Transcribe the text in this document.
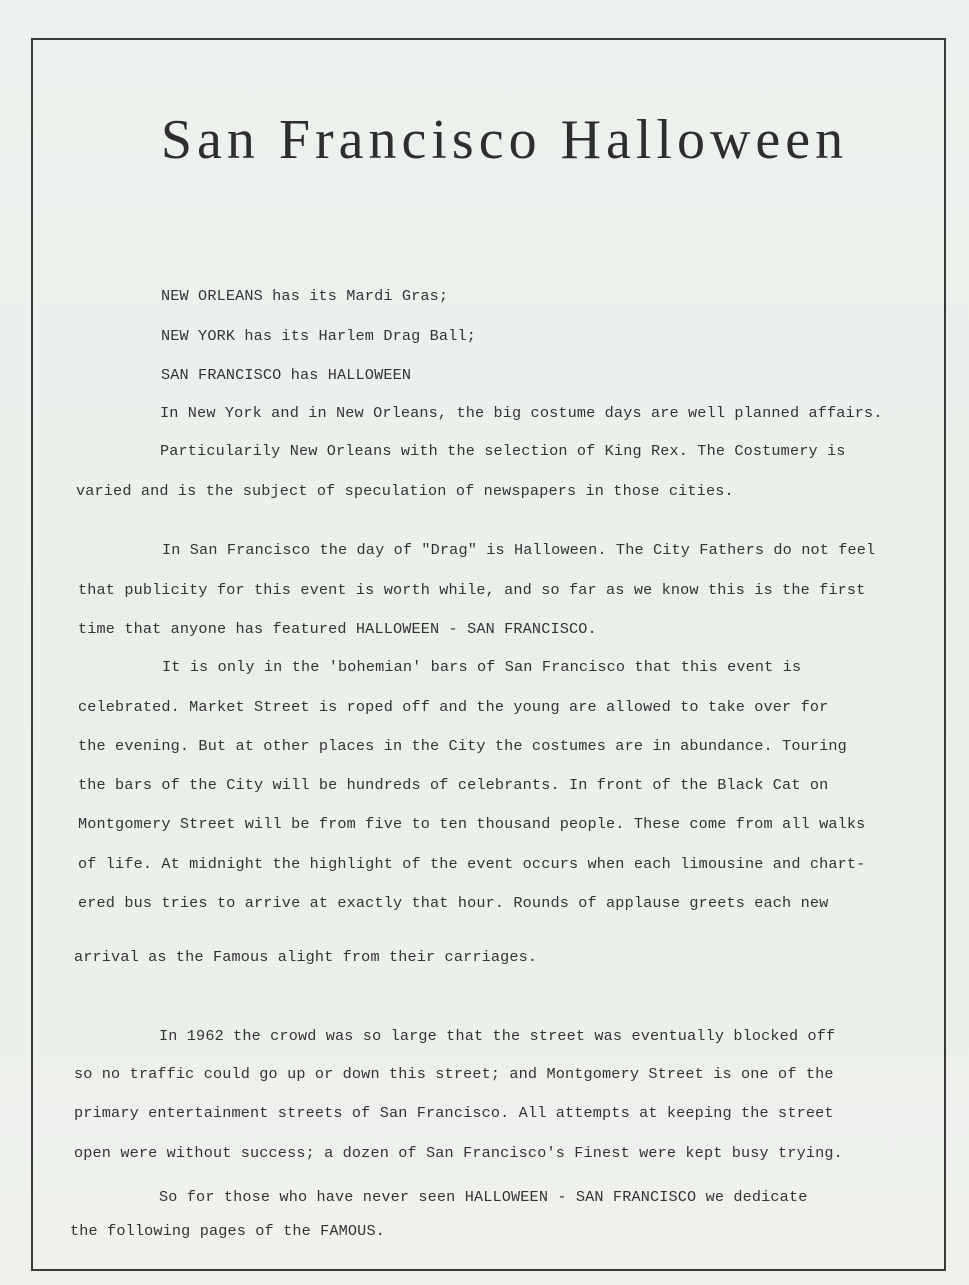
San Francisco Halloween
NEW ORLEANS has its Mardi Gras;
NEW YORK has its Harlem Drag Ball;
SAN FRANCISCO has HALLOWEEN
In New York and in New Orleans, the big costume days are well planned affairs.
Particularily New Orleans with the selection of King Rex. The Costumery is
varied and is the subject of speculation of newspapers in those cities.
In San Francisco the day of "Drag" is Halloween. The City Fathers do not feel
that publicity for this event is worth while, and so far as we know this is the first
time that anyone has featured HALLOWEEN - SAN FRANCISCO.
It is only in the 'bohemian' bars of San Francisco that this event is
celebrated. Market Street is roped off and the young are allowed to take over for
the evening. But at other places in the City the costumes are in abundance. Touring
the bars of the City will be hundreds of celebrants. In front of the Black Cat on
Montgomery Street will be from five to ten thousand people. These come from all walks
of life. At midnight the highlight of the event occurs when each limousine and chart-
ered bus tries to arrive at exactly that hour. Rounds of applause greets each new
arrival as the Famous alight from their carriages.
In 1962 the crowd was so large that the street was eventually blocked off
so no traffic could go up or down this street; and Montgomery Street is one of the
primary entertainment streets of San Francisco. All attempts at keeping the street
open were without success; a dozen of San Francisco's Finest were kept busy trying.
So for those who have never seen HALLOWEEN - SAN FRANCISCO we dedicate
the following pages of the FAMOUS.
